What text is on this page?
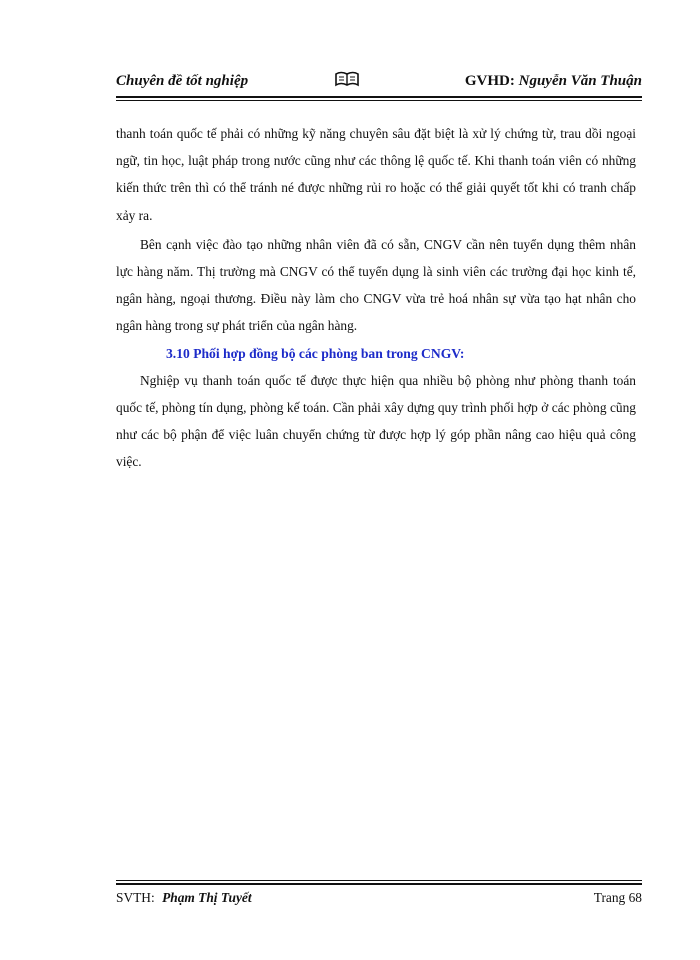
Chuyên đề tốt nghiệp	GVHD: Nguyễn Văn Thuận

thanh toán quốc tế phải có những kỹ năng chuyên sâu đặt biệt là xử lý chứng từ, trau dồi ngoại ngữ, tin học, luật pháp trong nước cũng như các thông lệ quốc tế. Khi thanh toán viên có những kiến thức trên thì có thể tránh né được những rủi ro hoặc có thể giải quyết tốt khi có tranh chấp xảy ra.

Bên cạnh việc đào tạo những nhân viên đã có sẵn, CNGV cần nên tuyển dụng thêm nhân lực hàng năm. Thị trường mà CNGV có thể tuyển dụng là sinh viên các trường đại học kinh tế, ngân hàng, ngoại thương. Điều này làm cho CNGV vừa trẻ hoá nhân sự vừa tạo hạt nhân cho ngân hàng trong sự phát triển của ngân hàng.

3.10 Phối hợp đồng bộ các phòng ban trong CNGV:

Nghiệp vụ thanh toán quốc tế được thực hiện qua nhiều bộ phòng như phòng thanh toán quốc tế, phòng tín dụng, phòng kế toán. Cần phải xây dựng quy trình phối hợp ở các phòng cũng như các bộ phận để việc luân chuyển chứng từ được hợp lý góp phần nâng cao hiệu quả công việc.

SVTH: Phạm Thị Tuyết	Trang 68
